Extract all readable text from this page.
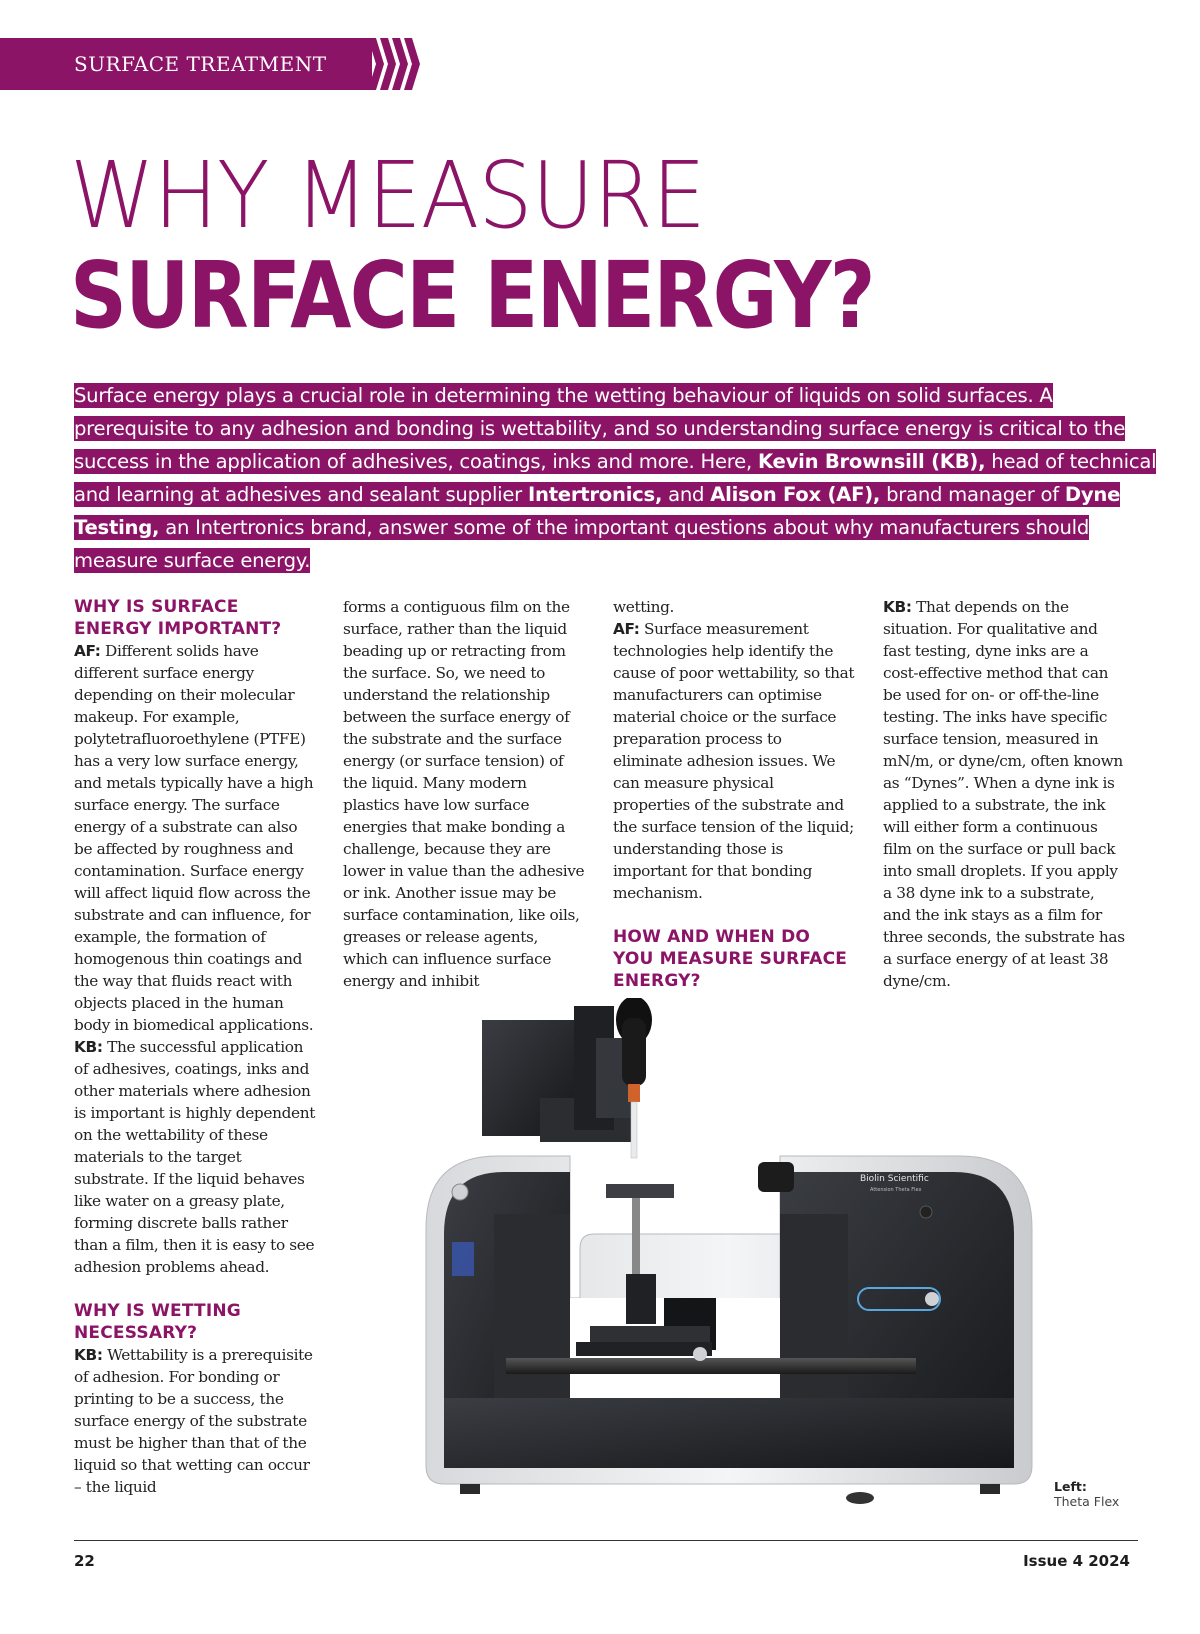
SURFACE TREATMENT
WHY MEASURE
SURFACE ENERGY?
Surface energy plays a crucial role in determining the wetting behaviour of liquids on solid surfaces. A prerequisite to any adhesion and bonding is wettability, and so understanding surface energy is critical to the success in the application of adhesives, coatings, inks and more. Here, Kevin Brownsill (KB), head of technical and learning at adhesives and sealant supplier Intertronics, and Alison Fox (AF), brand manager of Dyne Testing, an Intertronics brand, answer some of the important questions about why manufacturers should measure surface energy.
WHY IS SURFACE ENERGY IMPORTANT?

AF: Different solids have different surface energy depending on their molecular makeup. For example, polytetrafluoroethylene (PTFE) has a very low surface energy, and metals typically have a high surface energy. The surface energy of a substrate can also be affected by roughness and contamination. Surface energy will affect liquid flow across the substrate and can influence, for example, the formation of homogenous thin coatings and the way that fluids react with objects placed in the human body in biomedical applications.

KB: The successful application of adhesives, coatings, inks and other materials where adhesion is important is highly dependent on the wettability of these materials to the target substrate. If the liquid behaves like water on a greasy plate, forming discrete balls rather than a film, then it is easy to see adhesion problems ahead.

WHY IS WETTING NECESSARY?

KB: Wettability is a prerequisite of adhesion. For bonding or printing to be a success, the surface energy of the substrate must be higher than that of the liquid so that wetting can occur – the liquid

forms a contiguous film on the surface, rather than the liquid beading up or retracting from the surface. So, we need to understand the relationship between the surface energy of the substrate and the surface energy (or surface tension) of the liquid. Many modern plastics have low surface energies that make bonding a challenge, because they are lower in value than the adhesive or ink. Another issue may be surface contamination, like oils, greases or release agents, which can influence surface energy and inhibit

wetting.

AF: Surface measurement technologies help identify the cause of poor wettability, so that manufacturers can optimise material choice or the surface preparation process to eliminate adhesion issues. We can measure physical properties of the substrate and the surface tension of the liquid; understanding those is important for that bonding mechanism.

HOW AND WHEN DO YOU MEASURE SURFACE ENERGY?

KB: That depends on the situation. For qualitative and fast testing, dyne inks are a cost-effective method that can be used for on- or off-the-line testing. The inks have specific surface tension, measured in mN/m, or dyne/cm, often known as “Dynes”. When a dyne ink is applied to a substrate, the ink will either form a continuous film on the surface or pull back into small droplets. If you apply a 38 dyne ink to a substrate, and the ink stays as a film for three seconds, the substrate has a surface energy of at least 38 dyne/cm.

Biolin Scientific
Attension Theta Flex
Left:
Theta Flex
22	Issue 4 2024
